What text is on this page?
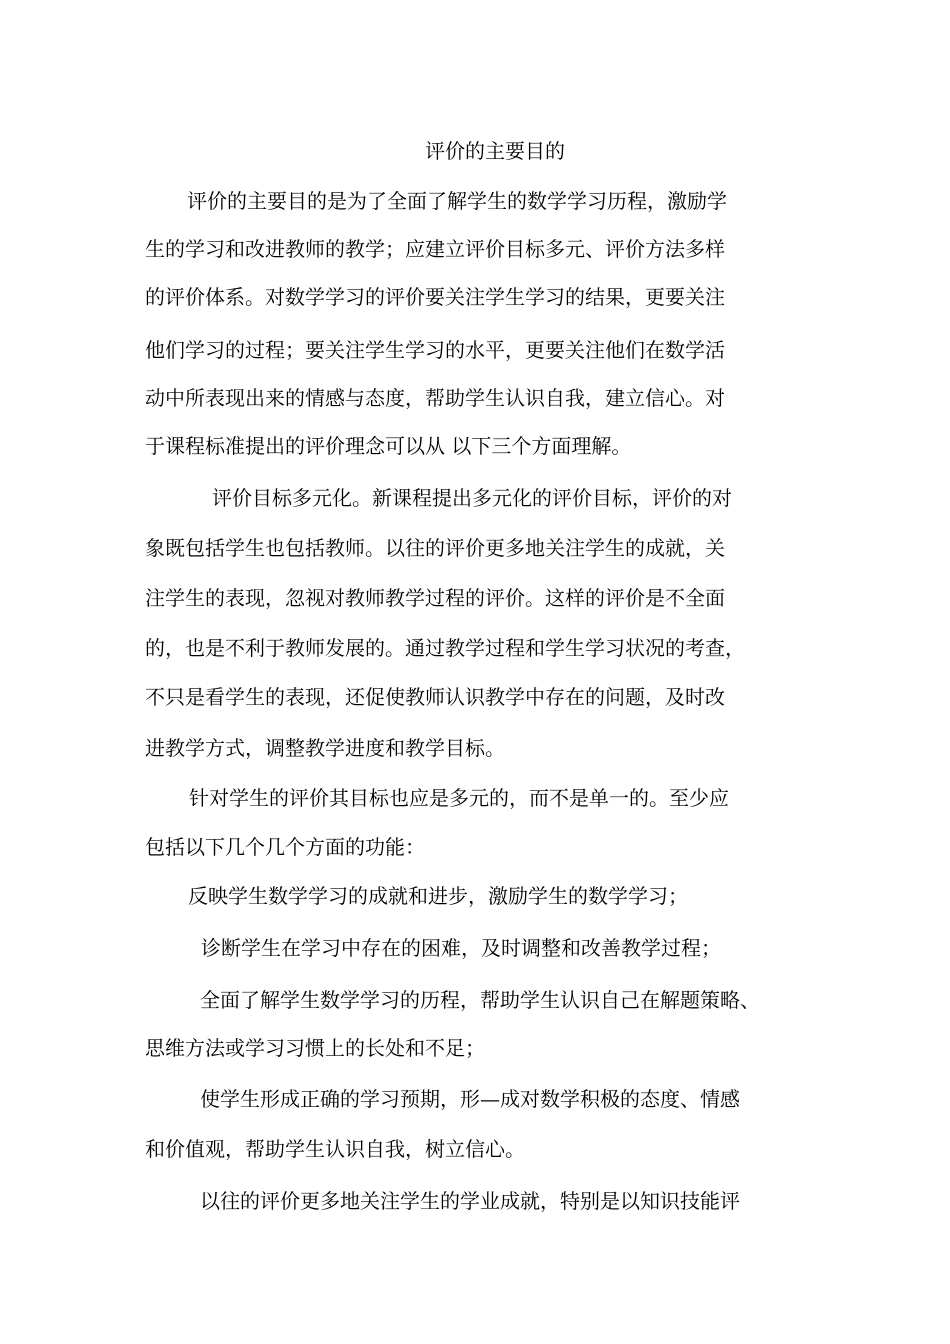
评价的主要目的
评价的主要目的是为了全面了解学生的数学学习历程，激励学
生的学习和改进教师的教学；应建立评价目标多元、评价方法多样
的评价体系。对数学学习的评价要关注学生学习的结果，更要关注
他们学习的过程；要关注学生学习的水平，更要关注他们在数学活
动中所表现出来的情感与态度，帮助学生认识自我，建立信心。对
于课程标准提出的评价理念可以从 以下三个方面理解。
评价目标多元化。新课程提出多元化的评价目标，评价的对
象既包括学生也包括教师。以往的评价更多地关注学生的成就，关
注学生的表现，忽视对教师教学过程的评价。这样的评价是不全面
的，也是不利于教师发展的。通过教学过程和学生学习状况的考查，
不只是看学生的表现，还促使教师认识教学中存在的问题，及时改
进教学方式，调整教学进度和教学目标。
针对学生的评价其目标也应是多元的，而不是单一的。至少应
包括以下几个几个方面的功能：
反映学生数学学习的成就和进步，激励学生的数学学习；
诊断学生在学习中存在的困难，及时调整和改善教学过程；
全面了解学生数学学习的历程，帮助学生认识自己在解题策略、
思维方法或学习习惯上的长处和不足；
使学生形成正确的学习预期，形—成对数学积极的态度、情感
和价值观，帮助学生认识自我，树立信心。
以往的评价更多地关注学生的学业成就，特别是以知识技能评
